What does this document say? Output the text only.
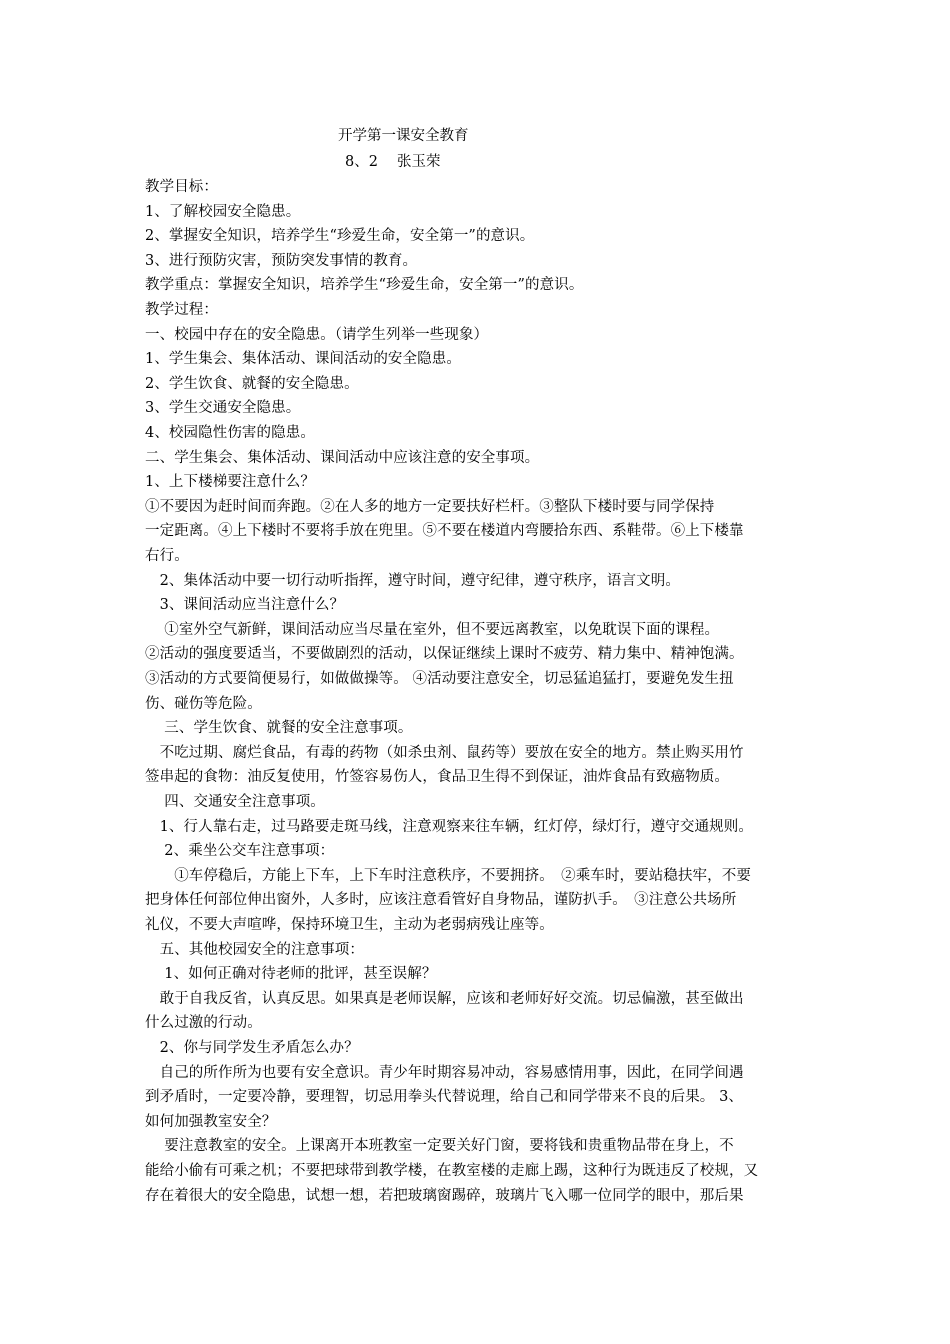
开学第一课安全教育
8、2　 张玉荣
教学目标：
1、了解校园安全隐患。
2、掌握安全知识，培养学生“珍爱生命，安全第一”的意识。
3、进行预防灾害，预防突发事情的教育。
教学重点：掌握安全知识，培养学生“珍爱生命，安全第一”的意识。
教学过程：
一、校园中存在的安全隐患。（请学生列举一些现象）
1、学生集会、集体活动、课间活动的安全隐患。
2、学生饮食、就餐的安全隐患。
3、学生交通安全隐患。
4、校园隐性伤害的隐患。
二、学生集会、集体活动、课间活动中应该注意的安全事项。
1、上下楼梯要注意什么？
①不要因为赶时间而奔跑。②在人多的地方一定要扶好栏杆。③整队下楼时要与同学保持
一定距离。④上下楼时不要将手放在兜里。⑤不要在楼道内弯腰拾东西、系鞋带。⑥上下楼靠
右行。
　2、集体活动中要一切行动听指挥，遵守时间，遵守纪律，遵守秩序，语言文明。
　3、课间活动应当注意什么？
　 ①室外空气新鲜，课间活动应当尽量在室外，但不要远离教室，以免耽误下面的课程。
②活动的强度要适当，不要做剧烈的活动，以保证继续上课时不疲劳、精力集中、精神饱满。
③活动的方式要简便易行，如做做操等。 ④活动要注意安全，切忌猛追猛打，要避免发生扭
伤、碰伤等危险。
　 三、学生饮食、就餐的安全注意事项。
　不吃过期、腐烂食品，有毒的药物（如杀虫剂、鼠药等）要放在安全的地方。禁止购买用竹
签串起的食物：油反复使用，竹签容易伤人，食品卫生得不到保证，油炸食品有致癌物质。
　 四、交通安全注意事项。
　1、行人靠右走，过马路要走斑马线，注意观察来往车辆，红灯停，绿灯行，遵守交通规则。
　 2、乘坐公交车注意事项：
　　①车停稳后，方能上下车，上下车时注意秩序，不要拥挤。　②乘车时，要站稳扶牢，不要
把身体任何部位伸出窗外，人多时，应该注意看管好自身物品，谨防扒手。　③注意公共场所
礼仪，不要大声喧哗，保持环境卫生，主动为老弱病残让座等。
　五、其他校园安全的注意事项：
　 1、如何正确对待老师的批评，甚至误解？
　敢于自我反省，认真反思。如果真是老师误解，应该和老师好好交流。切忌偏激，甚至做出
什么过激的行动。
　2、你与同学发生矛盾怎么办？
　自己的所作所为也要有安全意识。青少年时期容易冲动，容易感情用事，因此，在同学间遇
到矛盾时，一定要冷静，要理智，切忌用拳头代替说理，给自己和同学带来不良的后果。 3、
如何加强教室安全？
　 要注意教室的安全。上课离开本班教室一定要关好门窗，要将钱和贵重物品带在身上，不
能给小偷有可乘之机；不要把球带到教学楼，在教室楼的走廊上踢，这种行为既违反了校规，又
存在着很大的安全隐患，试想一想，若把玻璃窗踢碎，玻璃片飞入哪一位同学的眼中，那后果
